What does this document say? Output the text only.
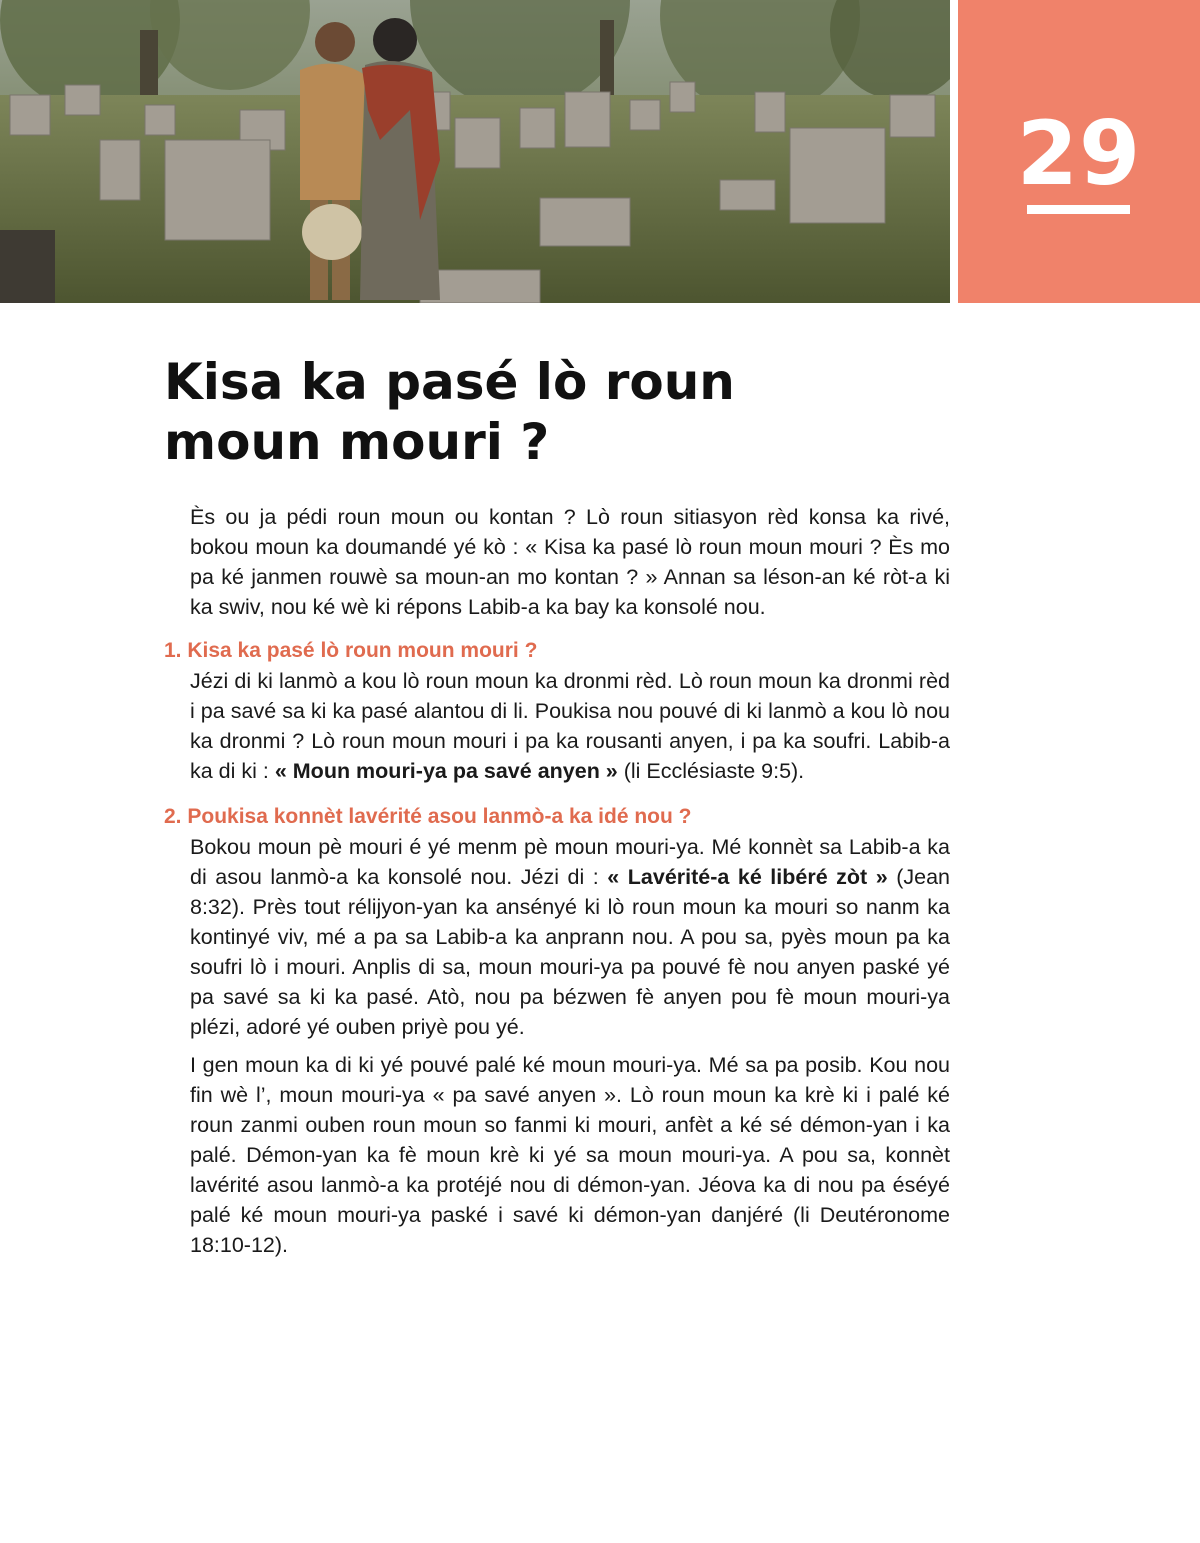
29
Kisa ka pasé lò roun
moun mouri ?

Ès ou ja pédi roun moun ou kontan ? Lò roun sitiasyon rèd konsa ka rivé, bokou moun ka doumandé yé kò : « Kisa ka pasé lò roun moun mouri ? Ès mo pa ké janmen rouwè sa moun-an mo kontan ? » Annan sa léson-an ké ròt-a ki ka swiv, nou ké wè ki répons Labib-a ka bay ka konsolé nou.

1. Kisa ka pasé lò roun moun mouri ?

Jézi di ki lanmò a kou lò roun moun ka dronmi rèd. Lò roun moun ka dronmi rèd i pa savé sa ki ka pasé alantou di li. Poukisa nou pouvé di ki lanmò a kou lò nou ka dronmi ? Lò roun moun mouri i pa ka rousanti anyen, i pa ka soufri. Labib-a ka di ki : « Moun mouri-ya pa savé anyen » (li Ecclésiaste 9:5).

2. Poukisa konnèt lavérité asou lanmò-a ka idé nou ?

Bokou moun pè mouri é yé menm pè moun mouri-ya. Mé konnèt sa Labib-a ka di asou lanmò-a ka konsolé nou. Jézi di : « Lavérité-a ké libéré zòt » (Jean 8:32). Près tout rélijyon-yan ka ansényé ki lò roun moun ka mouri so nanm ka kontinyé viv, mé a pa sa Labib-a ka anprann nou. A pou sa, pyès moun pa ka soufri lò i mouri. Anplis di sa, moun mouri-ya pa pouvé fè nou anyen paské yé pa savé sa ki ka pasé. Atò, nou pa bézwen fè anyen pou fè moun mouri-ya plézi, adoré yé ouben priyè pou yé.

I gen moun ka di ki yé pouvé palé ké moun mouri-ya. Mé sa pa posib. Kou nou fin wè l’, moun mouri-ya « pa savé anyen ». Lò roun moun ka krè ki i palé ké roun zanmi ouben roun moun so fanmi ki mouri, anfèt a ké sé démon-yan i ka palé. Démon-yan ka fè moun krè ki yé sa moun mouri-ya. A pou sa, konnèt lavérité asou lanmò-a ka protéjé nou di démon-yan. Jéova ka di nou pa éséyé palé ké moun mouri-ya paské i savé ki démon-yan danjéré (li Deutéronome 18:10-12).
